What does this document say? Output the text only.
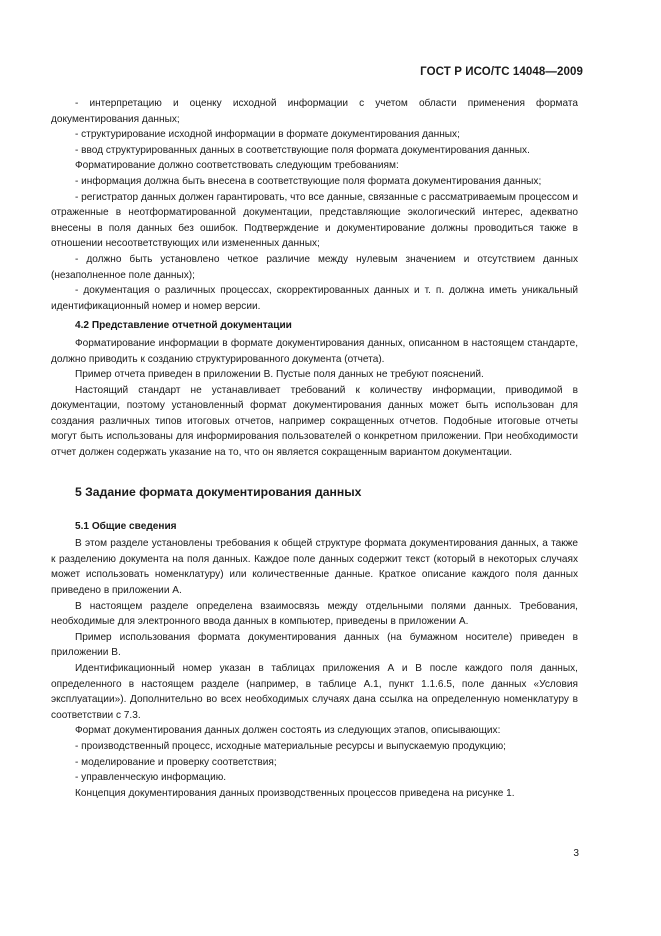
ГОСТ Р ИСО/ТС 14048—2009

- интерпретацию и оценку исходной информации с учетом области применения формата документирования данных;

- структурирование исходной информации в формате документирования данных;

- ввод структурированных данных в соответствующие поля формата документирования данных.

Форматирование должно соответствовать следующим требованиям:

- информация должна быть внесена в соответствующие поля формата документирования данных;

- регистратор данных должен гарантировать, что все данные, связанные с рассматриваемым процессом и отраженные в неотформатированной документации, представляющие экологический интерес, адекватно внесены в поля данных без ошибок. Подтверждение и документирование должны проводиться также в отношении несоответствующих или измененных данных;

- должно быть установлено четкое различие между нулевым значением и отсутствием данных (незаполненное поле данных);

- документация о различных процессах, скорректированных данных и т. п. должна иметь уникальный идентификационный номер и номер версии.

4.2 Представление отчетной документации

Форматирование информации в формате документирования данных, описанном в настоящем стандарте, должно приводить к созданию структурированного документа (отчета).

Пример отчета приведен в приложении В. Пустые поля данных не требуют пояснений.

Настоящий стандарт не устанавливает требований к количеству информации, приводимой в документации, поэтому установленный формат документирования данных может быть использован для создания различных типов итоговых отчетов, например сокращенных отчетов. Подобные итоговые отчеты могут быть использованы для информирования пользователей о конкретном приложении. При необходимости отчет должен содержать указание на то, что он является сокращенным вариантом документации.

5 Задание формата документирования данных
5.1 Общие сведения

В этом разделе установлены требования к общей структуре формата документирования данных, а также к разделению документа на поля данных. Каждое поле данных содержит текст (который в некоторых случаях может использовать номенклатуру) или количественные данные. Краткое описание каждого поля данных приведено в приложении А.

В настоящем разделе определена взаимосвязь между отдельными полями данных. Требования, необходимые для электронного ввода данных в компьютер, приведены в приложении А.

Пример использования формата документирования данных (на бумажном носителе) приведен в приложении В.

Идентификационный номер указан в таблицах приложения А и В после каждого поля данных, определенного в настоящем разделе (например, в таблице А.1, пункт 1.1.6.5, поле данных «Условия эксплуатации»). Дополнительно во всех необходимых случаях дана ссылка на определенную номенклатуру в соответствии с 7.3.

Формат документирования данных должен состоять из следующих этапов, описывающих:

- производственный процесс, исходные материальные ресурсы и выпускаемую продукцию;

- моделирование и проверку соответствия;

- управленческую информацию.

Концепция документирования данных производственных процессов приведена на рисунке 1.

3
